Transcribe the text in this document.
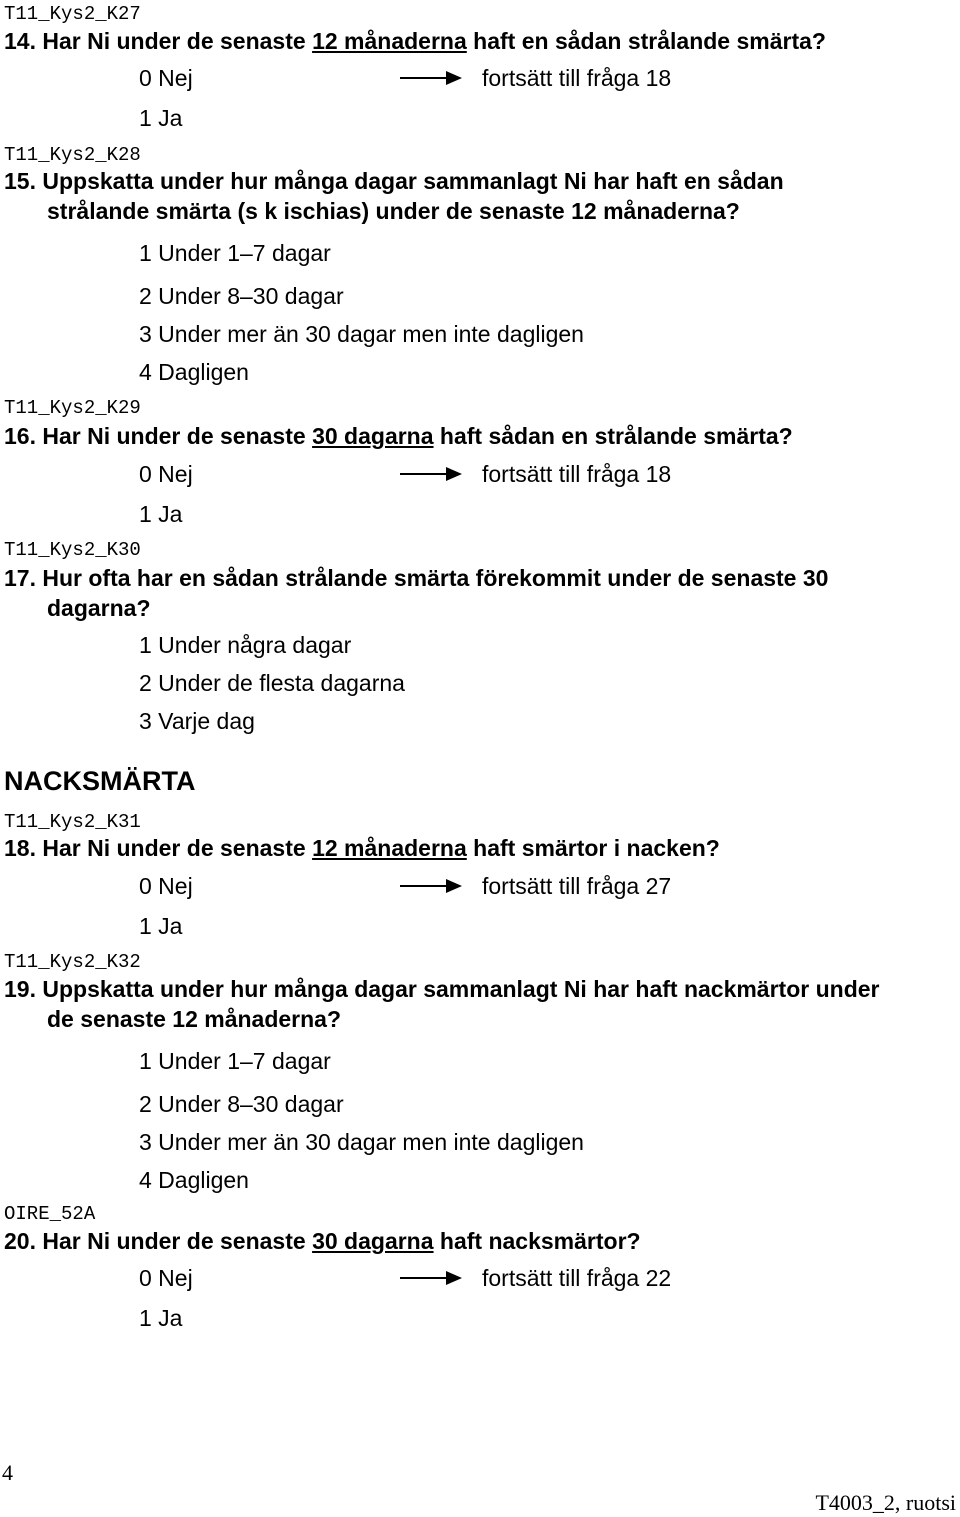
T11_Kys2_K27
14. Har Ni under de senaste 12 månaderna haft en sådan strålande smärta?
0 Nej	fortsätt till fråga 18
1 Ja
T11_Kys2_K28
15. Uppskatta under hur många dagar sammanlagt Ni har haft en sådan
strålande smärta (s k ischias) under de senaste 12 månaderna?
1 Under 1–7 dagar
2 Under 8–30 dagar
3 Under mer än 30 dagar men inte dagligen
4 Dagligen
T11_Kys2_K29
16. Har Ni under de senaste 30 dagarna haft sådan en strålande smärta?
0 Nej	fortsätt till fråga 18
1 Ja
T11_Kys2_K30
17. Hur ofta har en sådan strålande smärta förekommit under de senaste 30
dagarna?
1 Under några dagar
2 Under de flesta dagarna
3 Varje dag
NACKSMÄRTA
T11_Kys2_K31
18. Har Ni under de senaste 12 månaderna haft smärtor i nacken?
0 Nej	fortsätt till fråga 27
1 Ja
T11_Kys2_K32
19. Uppskatta under hur många dagar sammanlagt Ni har haft nackmärtor under
de senaste 12 månaderna?
1 Under 1–7 dagar
2 Under 8–30 dagar
3 Under mer än 30 dagar men inte dagligen
4 Dagligen
OIRE_52A
20. Har Ni under de senaste 30 dagarna haft nacksmärtor?
0 Nej	fortsätt till fråga 22
1 Ja
4
T4003_2, ruotsi
